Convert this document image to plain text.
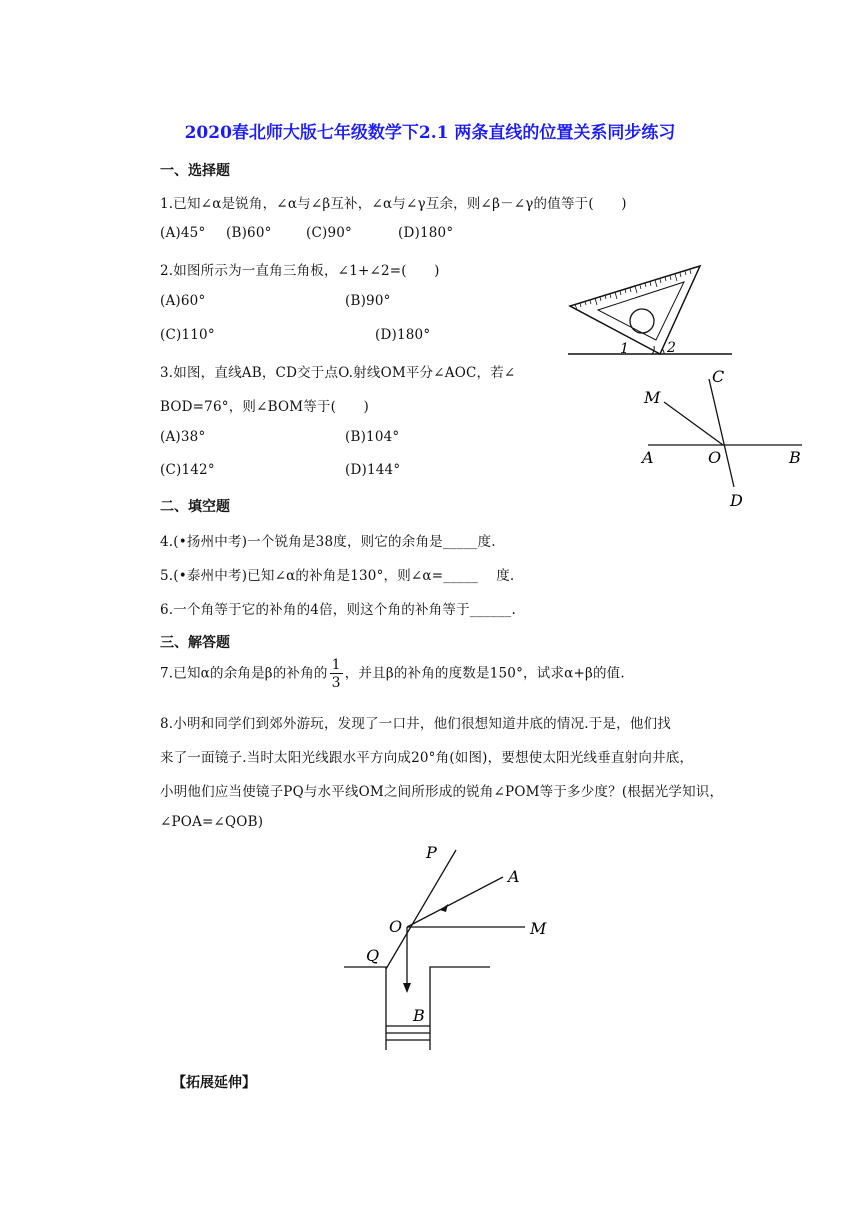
2020春北师大版七年级数学下2.1 两条直线的位置关系同步练习
一、选择题
1.已知∠α是锐角，∠α与∠β互补，∠α与∠γ互余，则∠β－∠γ的值等于(　　)
(A)45° (B)60°	(C)90°	(D)180°
2.如图所示为一直角三角板，∠1+∠2=(　　)
(A)60°	(B)90°
(C)110°	(D)180°
3.如图，直线AB，CD交于点O.射线OM平分∠AOC，若∠
BOD=76°，则∠BOM等于(　　)
(A)38°	(B)104°
(C)142°	(D)144°
二、填空题
4.(•扬州中考)一个锐角是38度，则它的余角是_____度.
5.(•泰州中考)已知∠α的补角是130°，则∠α=_____　 度.
6.一个角等于它的补角的4倍，则这个角的补角等于______.
三、解答题
7.已知α的余角是β的补角的 $\frac{1}{3}$ ，并且β的补角的度数是150°，试求α+β的值.
8.小明和同学们到郊外游玩，发现了一口井，他们很想知道井底的情况.于是，他们找
来了一面镜子.当时太阳光线跟水平方向成20°角(如图)，要想使太阳光线垂直射向井底，
小明他们应当使镜子PQ与水平线OM之间所形成的锐角∠POM等于多少度？(根据光学知识，
∠POA=∠QOB)
【拓展延伸】
1	2
A	B
C
D
O
M
P
A
O	M
Q
B
